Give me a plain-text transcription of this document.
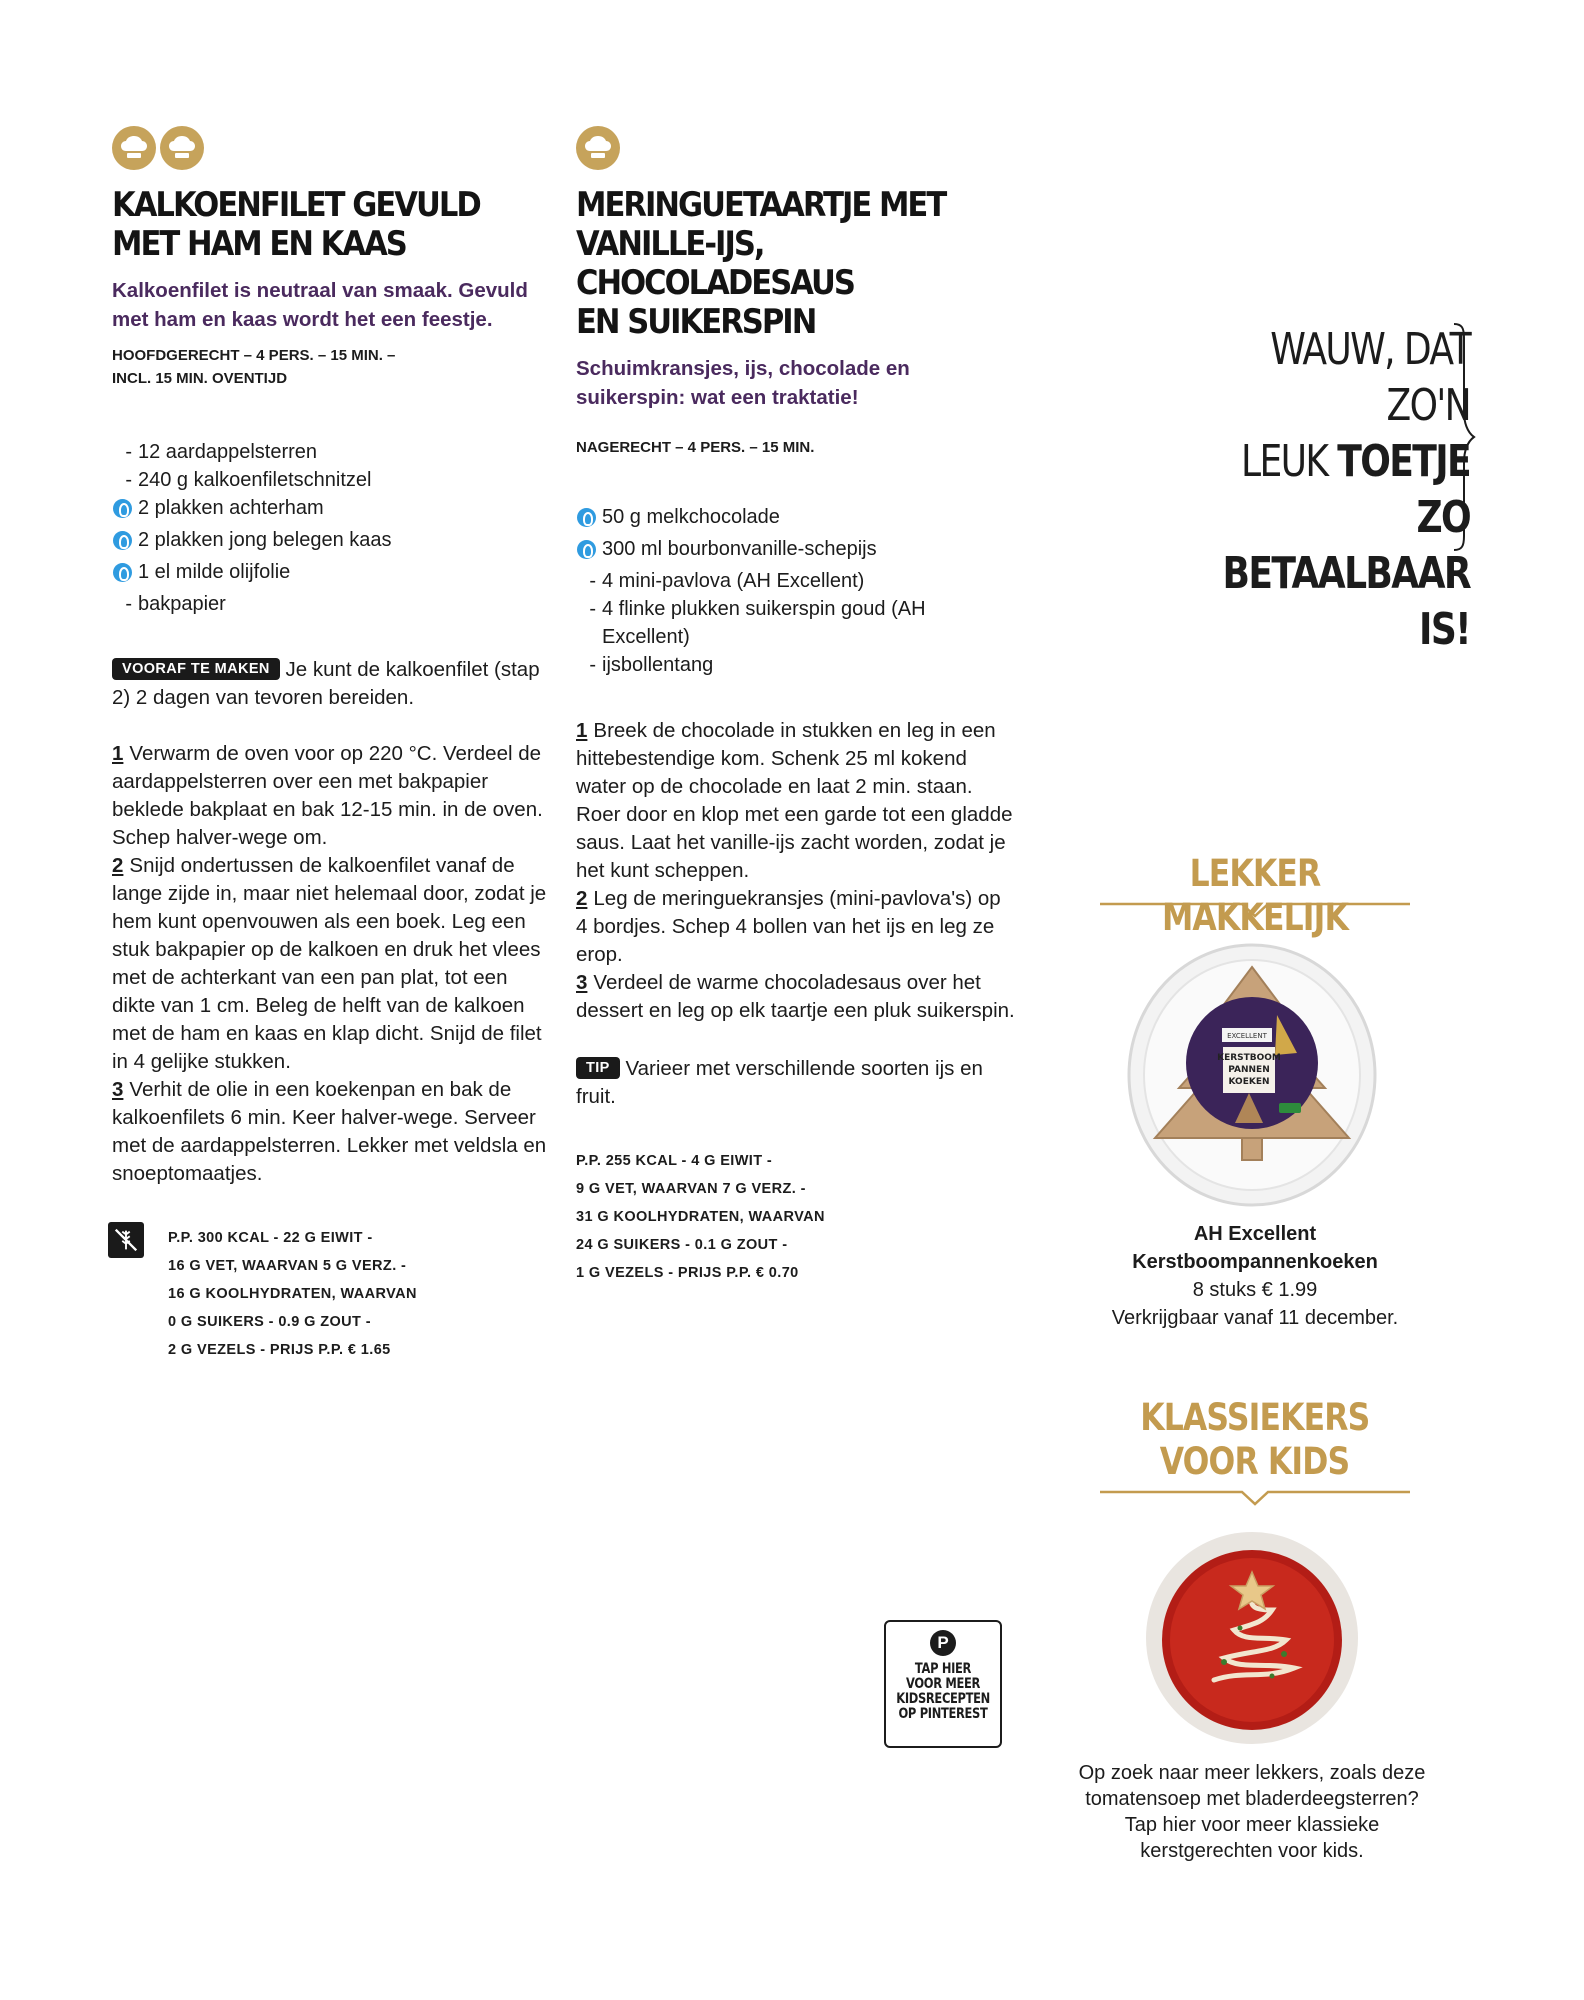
KALKOENFILET GEVULD
MET HAM EN KAAS
Kalkoenfilet is neutraal van smaak. Gevuld met ham en kaas wordt het een feestje.
HOOFDGERECHT – 4 PERS. – 15 MIN. –
INCL. 15 MIN. OVENTIJD
- 12 aardappelsterren
- 240 g kalkoenfiletschnitzel
2 plakken achterham
2 plakken jong belegen kaas
1 el milde olijfolie
- bakpapier
VOORAF TE MAKEN Je kunt de kalkoenfilet (stap 2) 2 dagen van tevoren bereiden.
1 Verwarm de oven voor op 220 °C. Verdeel de aardappelsterren over een met bakpapier beklede bakplaat en bak 12-15 min. in de oven. Schep halver-wege om.
2 Snijd ondertussen de kalkoenfilet vanaf de lange zijde in, maar niet helemaal door, zodat je hem kunt openvouwen als een boek. Leg een stuk bakpapier op de kalkoen en druk het vlees met de achterkant van een pan plat, tot een dikte van 1 cm. Beleg de helft van de kalkoen met de ham en kaas en klap dicht. Snijd de filet in 4 gelijke stukken.
3 Verhit de olie in een koekenpan en bak de kalkoenfilets 6 min. Keer halver-wege. Serveer met de aardappelsterren. Lekker met veldsla en snoeptomaatjes.
P.P. 300 KCAL - 22 G EIWIT -
16 G VET, WAARVAN 5 G VERZ. -
16 G KOOLHYDRATEN, WAARVAN
0 G SUIKERS - 0.9 G ZOUT -
2 G VEZELS - PRIJS P.P. € 1.65
MERINGUETAARTJE MET
VANILLE-IJS, CHOCOLADESAUS
EN SUIKERSPIN
Schuimkransjes, ijs, chocolade en suikerspin: wat een traktatie!
NAGERECHT – 4 PERS. – 15 MIN.
50 g melkchocolade
300 ml bourbonvanille-schepijs
- 4 mini-pavlova (AH Excellent)
- 4 flinke plukken suikerspin goud (AH Excellent)
- ijsbollentang
1 Breek de chocolade in stukken en leg in een hittebestendige kom. Schenk 25 ml kokend water op de chocolade en laat 2 min. staan. Roer door en klop met een garde tot een gladde saus. Laat het vanille-ijs zacht worden, zodat je het kunt scheppen.
2 Leg de meringuekransjes (mini-pavlova's) op 4 bordjes. Schep 4 bollen van het ijs en leg ze erop.
3 Verdeel de warme chocoladesaus over het dessert en leg op elk taartje een pluk suikerspin.
TIP Varieer met verschillende soorten ijs en fruit.
P.P. 255 KCAL - 4 G EIWIT -
9 G VET, WAARVAN 7 G VERZ. -
31 G KOOLHYDRATEN, WAARVAN
24 G SUIKERS - 0.1 G ZOUT -
1 G VEZELS - PRIJS P.P. € 0.70
WAUW, DAT ZO'N
LEUK TOETJE ZO
BETAALBAAR IS!
LEKKER MAKKELIJK
EXCELLENT
KERSTBOOM
PANNEN
KOEKEN
AH Excellent
Kerstboompannenkoeken
8 stuks € 1.99
Verkrijgbaar vanaf 11 december.
KLASSIEKERS
VOOR KIDS
P
TAP HIER
VOOR MEER
KIDSRECEPTEN
OP PINTEREST
Op zoek naar meer lekkers, zoals deze
tomatensoep met bladerdeegsterren?
Tap hier voor meer klassieke
kerstgerechten voor kids.
